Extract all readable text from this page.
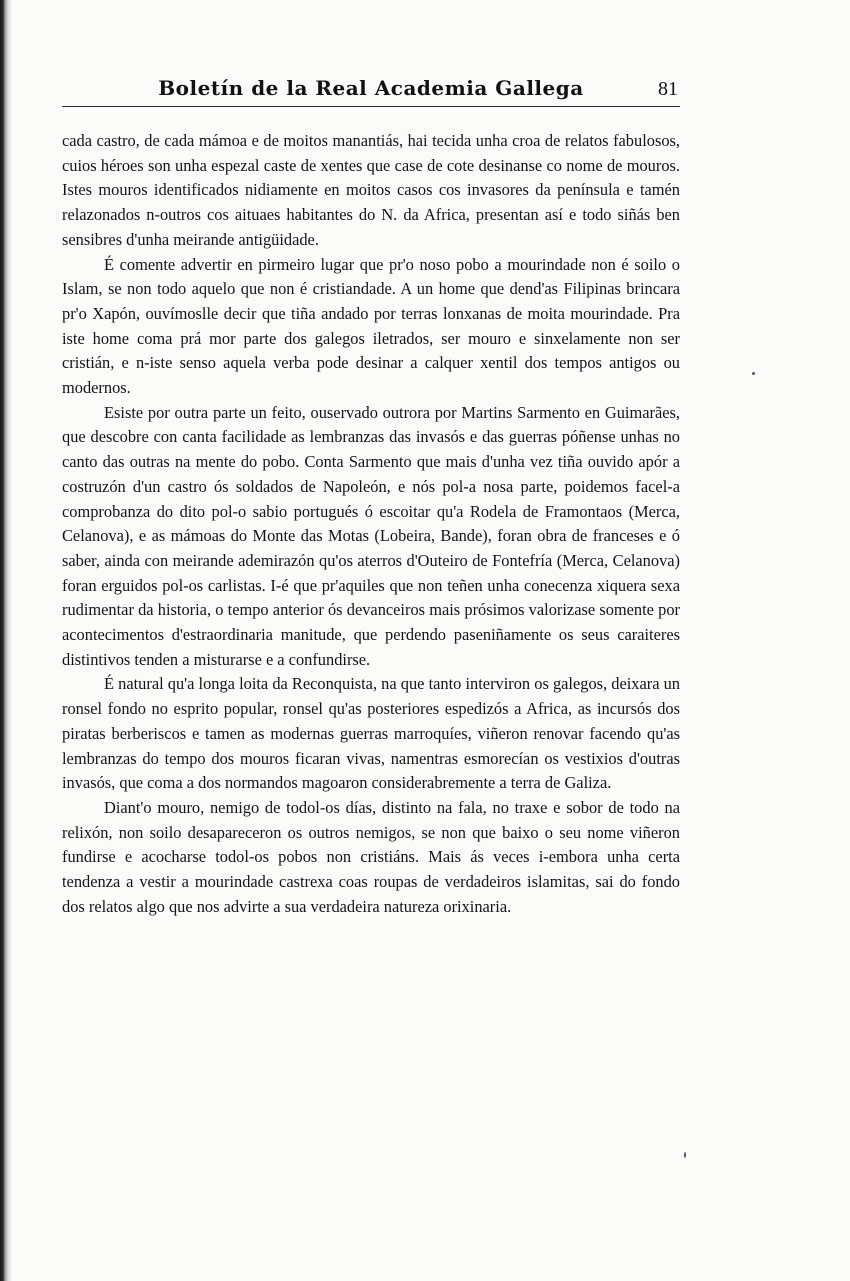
Boletín de la Real Academia Gallega	81

cada castro, de cada mámoa e de moitos manantiás, hai tecida unha croa de relatos fabulosos, cuios héroes son unha espezal caste de xentes que case de cote desinanse co nome de mouros. Istes mouros identificados nidiamente en moitos casos cos invasores da península e tamén relazonados n-outros cos aituaes habitantes do N. da Africa, presentan así e todo siñás ben sensibres d'unha meirande antigüidade.

É comente advertir en pirmeiro lugar que pr'o noso pobo a mourindade non é soilo o Islam, se non todo aquelo que non é cristiandade. A un home que dend'as Filipinas brincara pr'o Xapón, ouvímoslle decir que tiña andado por terras lonxanas de moita mourindade. Pra iste home coma prá mor parte dos galegos iletrados, ser mouro e sinxelamente non ser cristián, e n-iste senso aquela verba pode desinar a calquer xentil dos tempos antigos ou modernos.

Esiste por outra parte un feito, ouservado outrora por Martins Sarmento en Guimarães, que descobre con canta facilidade as lembranzas das invasós e das guerras póñense unhas no canto das outras na mente do pobo. Conta Sarmento que mais d'unha vez tiña ouvido apór a costruzón d'un castro ós soldados de Napoleón, e nós pol-a nosa parte, poidemos facel-a comprobanza do dito pol-o sabio portugués ó escoitar qu'a Rodela de Framontaos (Merca, Celanova), e as mámoas do Monte das Motas (Lobeira, Bande), foran obra de franceses e ó saber, ainda con meirande ademirazón qu'os aterros d'Outeiro de Fontefría (Merca, Celanova) foran erguidos pol-os carlistas. I-é que pr'aquiles que non teñen unha conecenza xiquera sexa rudimentar da historia, o tempo anterior ós devanceiros mais prósimos valorizase somente por acontecimentos d'estraordinaria manitude, que perdendo paseniñamente os seus caraiteres distintivos tenden a misturarse e a confundirse.

É natural qu'a longa loita da Reconquista, na que tanto interviron os galegos, deixara un ronsel fondo no esprito popular, ronsel qu'as posteriores espedizós a Africa, as incursós dos piratas berberiscos e tamen as modernas guerras marroquíes, viñeron renovar facendo qu'as lembranzas do tempo dos mouros ficaran vivas, namentras esmorecían os vestixios d'outras invasós, que coma a dos normandos magoaron considerabremente a terra de Galiza.

Diant'o mouro, nemigo de todol-os días, distinto na fala, no traxe e sobor de todo na relixón, non soilo desapareceron os outros nemigos, se non que baixo o seu nome viñeron fundirse e acocharse todol-os pobos non cristiáns. Mais ás veces i-embora unha certa tendenza a vestir a mourindade castrexa coas roupas de verdadeiros islamitas, sai do fondo dos relatos algo que nos advirte a sua verdadeira natureza orixinaria.
